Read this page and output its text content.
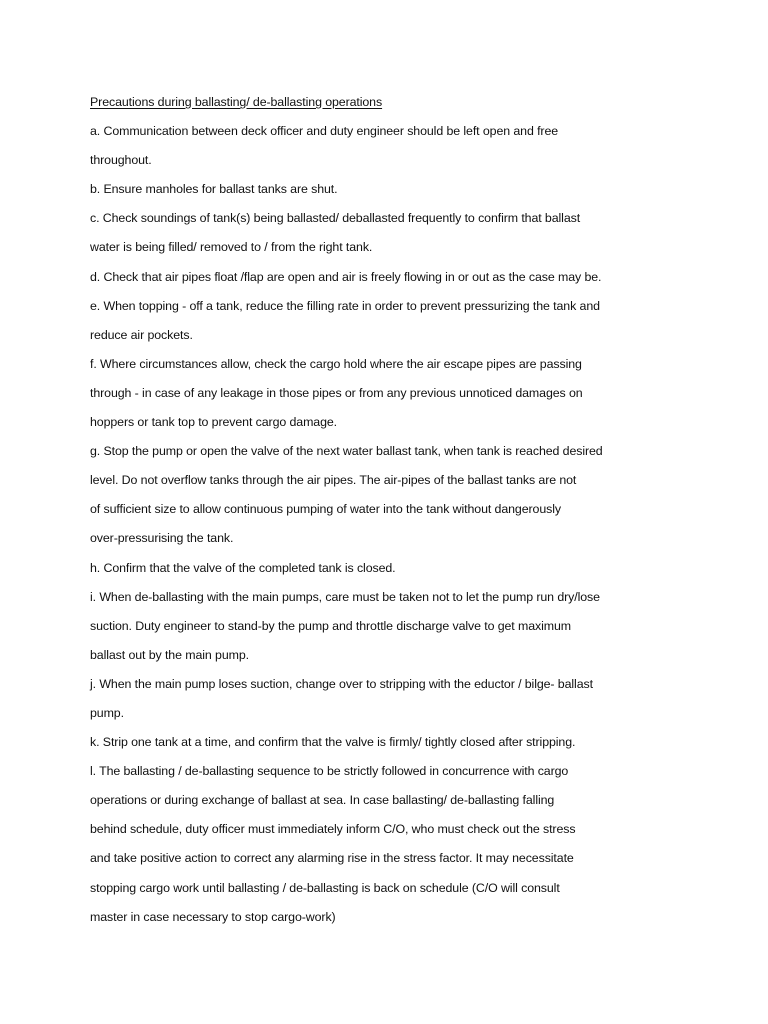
Precautions during ballasting/ de-ballasting operations
a. Communication between deck officer and duty engineer should be left open and free
throughout.
b. Ensure manholes for ballast tanks are shut.
c. Check soundings of tank(s) being ballasted/ deballasted frequently to confirm that ballast
water is being filled/ removed to / from the right tank.
d. Check that air pipes float /flap are open and air is freely flowing in or out as the case may be.
e. When topping - off a tank, reduce the filling rate in order to prevent pressurizing the tank and
reduce air pockets.
f. Where circumstances allow, check the cargo hold where the air escape pipes are passing
through - in case of any leakage in those pipes or from any previous unnoticed damages on
hoppers or tank top to prevent cargo damage.
g. Stop the pump or open the valve of the next water ballast tank, when tank is reached desired
level. Do not overflow tanks through the air pipes. The air-pipes of the ballast tanks are not
of sufficient size to allow continuous pumping of water into the tank without dangerously
over-pressurising the tank.
h. Confirm that the valve of the completed tank is closed.
i. When de-ballasting with the main pumps, care must be taken not to let the pump run dry/lose
suction. Duty engineer to stand-by the pump and throttle discharge valve to get maximum
ballast out by the main pump.
j. When the main pump loses suction, change over to stripping with the eductor / bilge- ballast
pump.
k. Strip one tank at a time, and confirm that the valve is firmly/ tightly closed after stripping.
l. The ballasting / de-ballasting sequence to be strictly followed in concurrence with cargo
operations or during exchange of ballast at sea. In case ballasting/ de-ballasting falling
behind schedule, duty officer must immediately inform C/O, who must check out the stress
and take positive action to correct any alarming rise in the stress factor. It may necessitate
stopping cargo work until ballasting / de-ballasting is back on schedule (C/O will consult
master in case necessary to stop cargo-work)
